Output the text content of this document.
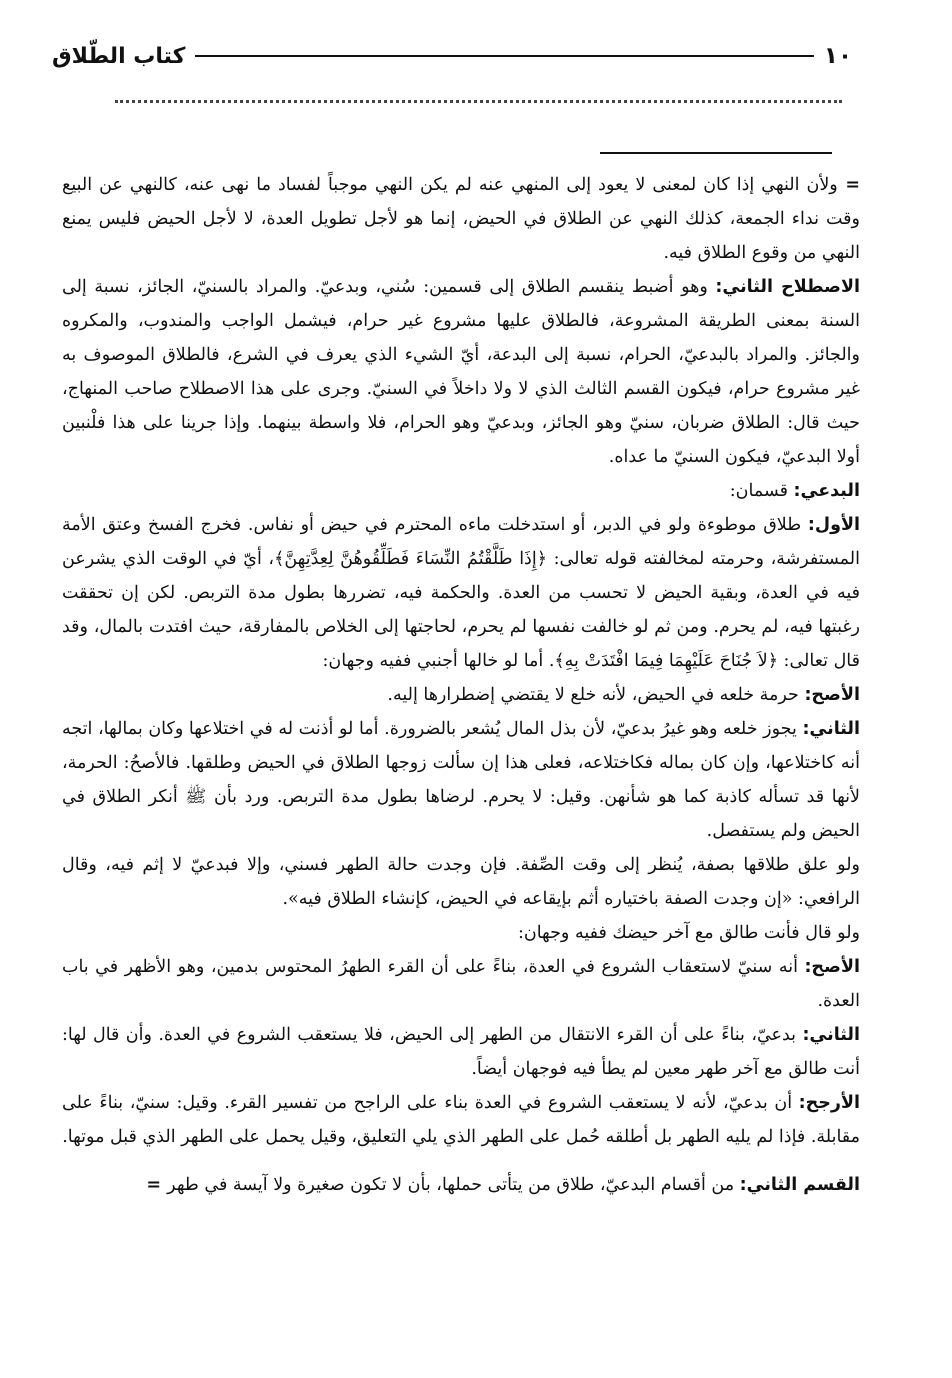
١٠
كتاب الطّلاق

= ولأن النهي إذا كان لمعنى لا يعود إلى المنهي عنه لم يكن النهي موجباً لفساد ما نهى عنه، كالنهي عن البيع وقت نداء الجمعة، كذلك النهي عن الطلاق في الحيض، إنما هو لأجل تطويل العدة، لا لأجل الحيض فليس يمنع النهي من وقوع الطلاق فيه.

الاصطلاح الثاني: وهو أضبط ينقسم الطلاق إلى قسمين: سُني، وبدعيّ. والمراد بالسنيّ، الجائز، نسبة إلى السنة بمعنى الطريقة المشروعة، فالطلاق عليها مشروع غير حرام، فيشمل الواجب والمندوب، والمكروه والجائز. والمراد بالبدعيّ، الحرام، نسبة إلى البدعة، أيّ الشيء الذي يعرف في الشرع، فالطلاق الموصوف به غير مشروع حرام، فيكون القسم الثالث الذي لا ولا داخلاً في السنيّ. وجرى على هذا الاصطلاح صاحب المنهاج، حيث قال: الطلاق ضربان، سنيّ وهو الجائز، وبدعيّ وهو الحرام، فلا واسطة بينهما. وإذا جرينا على هذا فلْنبين أولا البدعيّ، فيكون السنيّ ما عداه.

البدعي: قسمان:

الأول: طلاق موطوءة ولو في الدبر، أو استدخلت ماءه المحترم في حيض أو نفاس. فخرج الفسخ وعتق الأمة المستفرشة، وحرمته لمخالفته قوله تعالى: ﴿إِذَا طَلَّقْتُمُ النِّسَاءَ فَطَلِّقُوهُنَّ لِعِدَّتِهِنَّ﴾، أيّ في الوقت الذي يشرعن فيه في العدة، وبقية الحيض لا تحسب من العدة. والحكمة فيه، تضررها بطول مدة التربص. لكن إن تحققت رغبتها فيه، لم يحرم. ومن ثم لو خالفت نفسها لم يحرم، لحاجتها إلى الخلاص بالمفارقة، حيث افتدت بالمال، وقد قال تعالى: ﴿لاَ جُنَاحَ عَلَيْهِمَا فِيمَا افْتَدَتْ بِهِ﴾. أما لو خالها أجنبي ففيه وجهان:

الأصح: حرمة خلعه في الحيض، لأنه خلع لا يقتضي إضطرارها إليه.

الثاني: يجوز خلعه وهو غيرُ بدعيّ، لأن بذل المال يُشعر بالضرورة. أما لو أذنت له في اختلاعها وكان بمالها، اتجه أنه كاختلاعها، وإن كان بماله فكاختلاعه، فعلى هذا إن سألت زوجها الطلاق في الحيض وطلقها. فالأصحُ: الحرمة، لأنها قد تسأله كاذبة كما هو شأنهن. وقيل: لا يحرم. لرضاها بطول مدة التربص. ورد بأن ﷺ أنكر الطلاق في الحيض ولم يستفصل.

ولو علق طلاقها بصفة، يُنظر إلى وقت الصِّفة. فإن وجدت حالة الطهر فسني، وإلا فبدعيّ لا إثم فيه، وقال الرافعي: «إن وجدت الصفة باختياره أثم بإيقاعه في الحيض، كإنشاء الطلاق فيه».

ولو قال فأنت طالق مع آخر حيضك ففيه وجهان:

الأصح: أنه سنيّ لاستعقاب الشروع في العدة، بناءً على أن القرء الطهرُ المحتوس بدمين، وهو الأظهر في باب العدة.

الثاني: بدعيّ، بناءً على أن القرء الانتقال من الطهر إلى الحيض، فلا يستعقب الشروع في العدة. وأن قال لها: أنت طالق مع آخر طهر معين لم يطأ فيه فوجهان أيضاً.

الأرجح: أن بدعيّ، لأنه لا يستعقب الشروع في العدة بناء على الراجح من تفسير القرء. وقيل: سنيّ، بناءً على مقابلة. فإذا لم يليه الطهر بل أطلقه حُمل على الطهر الذي يلي التعليق، وقيل يحمل على الطهر الذي قبل موتها.

القسم الثاني: من أقسام البدعيّ، طلاق من يتأتى حملها، بأن لا تكون صغيرة ولا آيسة في طهر =
